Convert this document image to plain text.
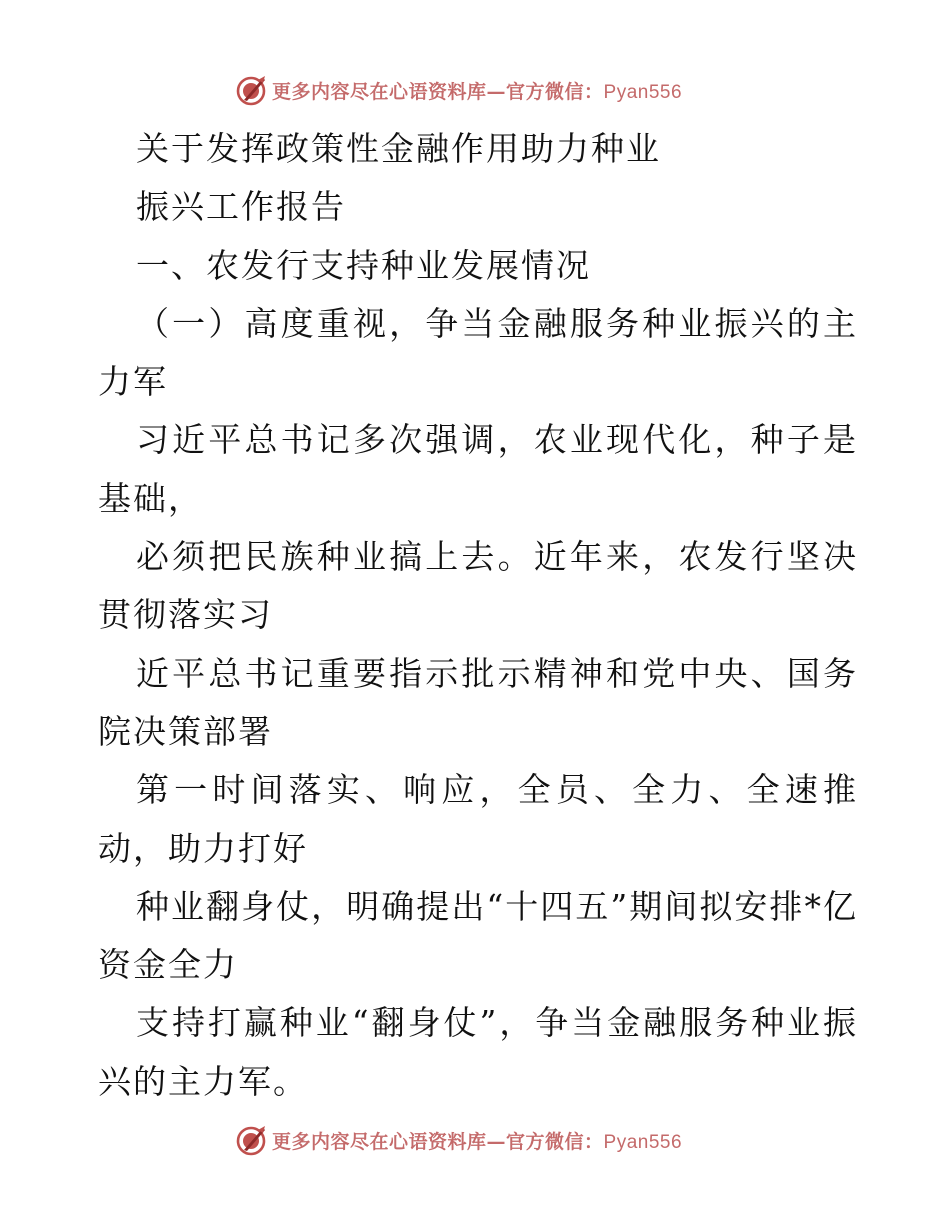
更多内容尽在心语资料库—官方微信：Pyan556

关于发挥政策性金融作用助力种业

振兴工作报告

一、农发行支持种业发展情况

（一）高度重视，争当金融服务种业振兴的主力军

习近平总书记多次强调，农业现代化，种子是基础，

必须把民族种业搞上去。近年来，农发行坚决贯彻落实习

近平总书记重要指示批示精神和党中央、国务院决策部署

第一时间落实、响应，全员、全力、全速推动，助力打好

种业翻身仗，明确提出“十四五”期间拟安排*亿资金全力

支持打赢种业“翻身仗”，争当金融服务种业振兴的主力军。

更多内容尽在心语资料库—官方微信：Pyan556
